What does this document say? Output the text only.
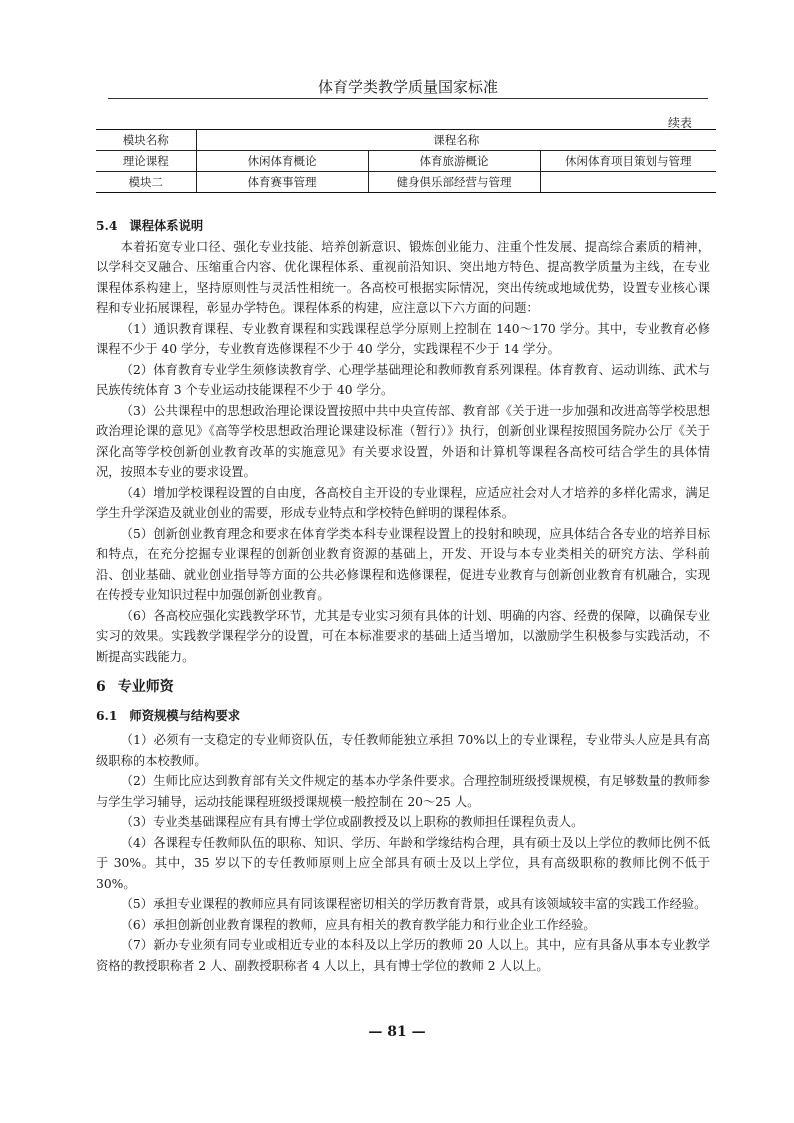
体育学类教学质量国家标准
续表
模块名称	课程名称		
理论课程	休闲体育概论	体育旅游概论	休闲体育项目策划与管理
模块二	体育赛事管理	健身俱乐部经营与管理	
5.4 课程体系说明

本着拓宽专业口径、强化专业技能、培养创新意识、锻炼创业能力、注重个性发展、提高综合素质的精神，以学科交叉融合、压缩重合内容、优化课程体系、重视前沿知识、突出地方特色、提高教学质量为主线，在专业课程体系构建上，坚持原则性与灵活性相统一。各高校可根据实际情况，突出传统或地域优势，设置专业核心课程和专业拓展课程，彰显办学特色。课程体系的构建，应注意以下六方面的问题：

（1）通识教育课程、专业教育课程和实践课程总学分原则上控制在 140～170 学分。其中，专业教育必修课程不少于 40 学分，专业教育选修课程不少于 40 学分，实践课程不少于 14 学分。

（2）体育教育专业学生须修读教育学、心理学基础理论和教师教育系列课程。体育教育、运动训练、武术与民族传统体育 3 个专业运动技能课程不少于 40 学分。

（3）公共课程中的思想政治理论课设置按照中共中央宣传部、教育部《关于进一步加强和改进高等学校思想政治理论课的意见》《高等学校思想政治理论课建设标准（暂行）》执行，创新创业课程按照国务院办公厅《关于深化高等学校创新创业教育改革的实施意见》有关要求设置，外语和计算机等课程各高校可结合学生的具体情况，按照本专业的要求设置。

（4）增加学校课程设置的自由度，各高校自主开设的专业课程，应适应社会对人才培养的多样化需求，满足学生升学深造及就业创业的需要，形成专业特点和学校特色鲜明的课程体系。

（5）创新创业教育理念和要求在体育学类本科专业课程设置上的投射和映现，应具体结合各专业的培养目标和特点，在充分挖掘专业课程的创新创业教育资源的基础上，开发、开设与本专业类相关的研究方法、学科前沿、创业基础、就业创业指导等方面的公共必修课程和选修课程，促进专业教育与创新创业教育有机融合，实现在传授专业知识过程中加强创新创业教育。

（6）各高校应强化实践教学环节，尤其是专业实习须有具体的计划、明确的内容、经费的保障，以确保专业实习的效果。实践教学课程学分的设置，可在本标准要求的基础上适当增加，以激励学生积极参与实践活动，不断提高实践能力。

6 专业师资
6.1 师资规模与结构要求

（1）必须有一支稳定的专业师资队伍，专任教师能独立承担 70%以上的专业课程，专业带头人应是具有高级职称的本校教师。

（2）生师比应达到教育部有关文件规定的基本办学条件要求。合理控制班级授课规模，有足够数量的教师参与学生学习辅导，运动技能课程班级授课规模一般控制在 20～25 人。

（3）专业类基础课程应有具有博士学位或副教授及以上职称的教师担任课程负责人。

（4）各课程专任教师队伍的职称、知识、学历、年龄和学缘结构合理，具有硕士及以上学位的教师比例不低于 30%。其中，35 岁以下的专任教师原则上应全部具有硕士及以上学位，具有高级职称的教师比例不低于 30%。

（5）承担专业课程的教师应具有同该课程密切相关的学历教育背景，或具有该领域较丰富的实践工作经验。

（6）承担创新创业教育课程的教师，应具有相关的教育教学能力和行业企业工作经验。

（7）新办专业须有同专业或相近专业的本科及以上学历的教师 20 人以上。其中，应有具备从事本专业教学资格的教授职称者 2 人、副教授职称者 4 人以上，具有博士学位的教师 2 人以上。

— 81 —
